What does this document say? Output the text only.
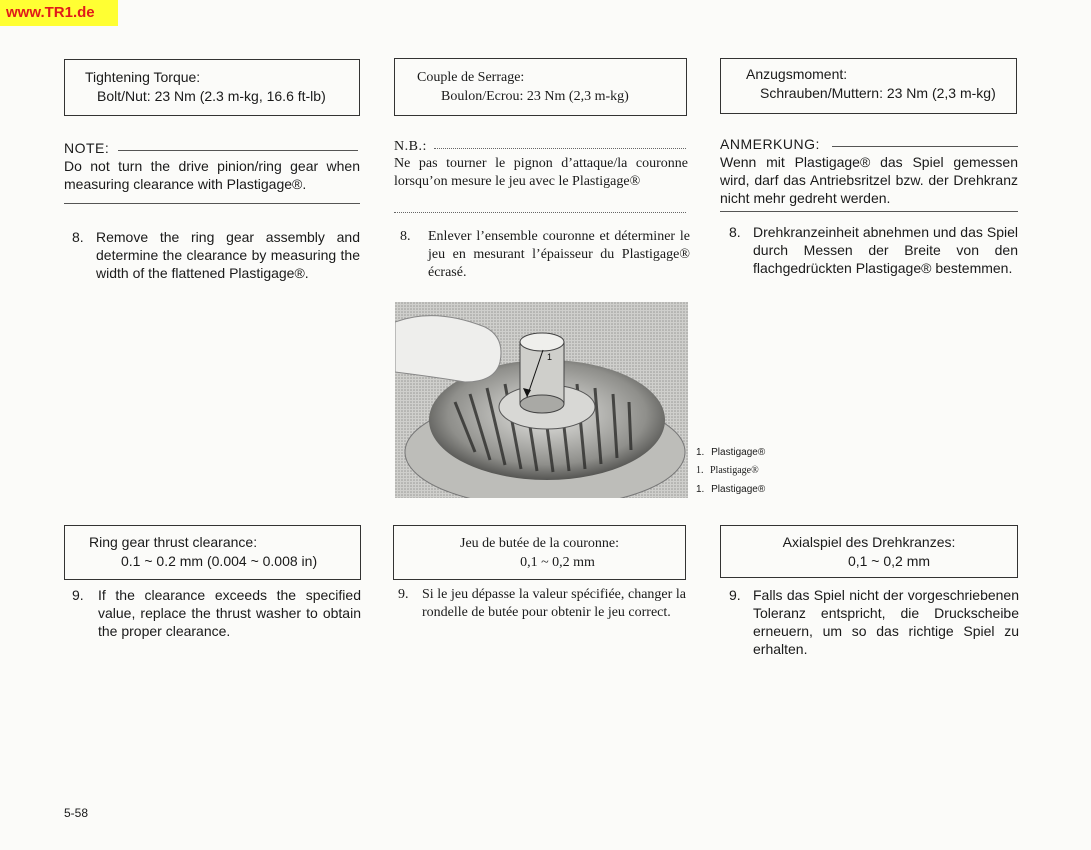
www.TR1.de
Tightening Torque:
Bolt/Nut: 23 Nm (2.3 m-kg, 16.6 ft-lb)
NOTE:
Do not turn the drive pinion/ring gear when measuring clearance with Plastigage®.
8. Remove the ring gear assembly and determine the clearance by measuring the width of the flattened Plastigage®.
Ring gear thrust clearance:
0.1 ~ 0.2 mm (0.004 ~ 0.008 in)
9. If the clearance exceeds the specified value, replace the thrust washer to obtain the proper clearance.
Couple de Serrage:
Boulon/Ecrou: 23 Nm (2,3 m-kg)
N.B.:
Ne pas tourner le pignon d’attaque/la couronne lorsqu’on mesure le jeu avec le Plastigage®
8. Enlever l’ensemble couronne et déterminer le jeu en mesurant l’épaisseur du Plastigage® écrasé.
1
1. Plastigage®
1. Plastigage®
1. Plastigage®
Jeu de butée de la couronne:
0,1 ~ 0,2 mm
9. Si le jeu dépasse la valeur spécifiée, changer la rondelle de butée pour obtenir le jeu correct.
Anzugsmoment:
Schrauben/Muttern: 23 Nm (2,3 m-kg)
ANMERKUNG:
Wenn mit Plastigage® das Spiel gemessen wird, darf das Antriebsritzel bzw. der Drehkranz nicht mehr gedreht werden.
8. Drehkranzeinheit abnehmen und das Spiel durch Messen der Breite von den flachgedrückten Plastigage® bestemmen.
Axialspiel des Drehkranzes:
0,1 ~ 0,2 mm
9. Falls das Spiel nicht der vorgeschriebenen Toleranz entspricht, die Druckscheibe erneuern, um so das richtige Spiel zu erhalten.
5-58
